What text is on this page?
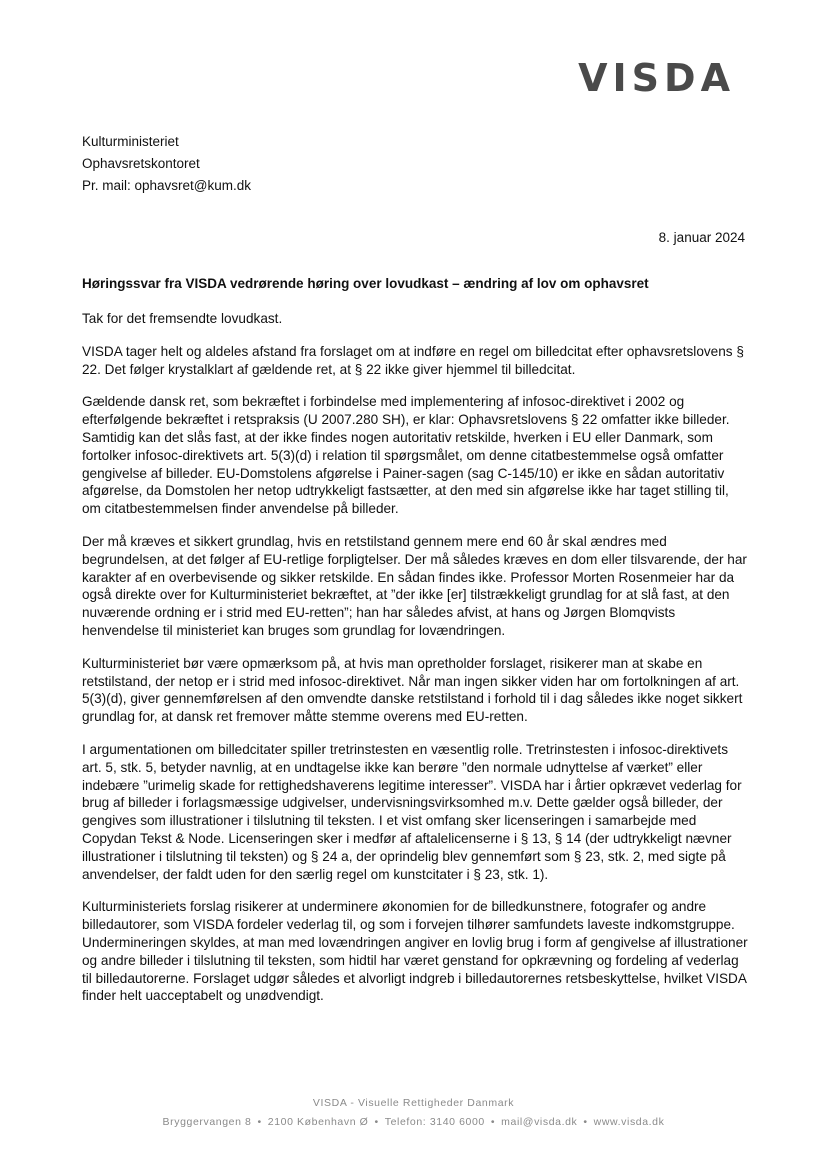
VISDA
Kulturministeriet
Ophavsretskontoret
Pr. mail: ophavsret@kum.dk
8. januar 2024
Høringssvar fra VISDA vedrørende høring over lovudkast – ændring af lov om ophavsret

Tak for det fremsendte lovudkast.

VISDA tager helt og aldeles afstand fra forslaget om at indføre en regel om billedcitat efter ophavsretslovens § 22. Det følger krystalklart af gældende ret, at § 22 ikke giver hjemmel til billedcitat.

Gældende dansk ret, som bekræftet i forbindelse med implementering af infosoc-direktivet i 2002 og efterfølgende bekræftet i retspraksis (U 2007.280 SH), er klar: Ophavsretslovens § 22 omfatter ikke billeder. Samtidig kan det slås fast, at der ikke findes nogen autoritativ retskilde, hverken i EU eller Danmark, som fortolker infosoc-direktivets art. 5(3)(d) i relation til spørgsmålet, om denne citatbestemmelse også omfatter gengivelse af billeder. EU-Domstolens afgørelse i Painer-sagen (sag C-145/10) er ikke en sådan autoritativ afgørelse, da Domstolen her netop udtrykkeligt fastsætter, at den med sin afgørelse ikke har taget stilling til, om citatbestemmelsen finder anvendelse på billeder.

Der må kræves et sikkert grundlag, hvis en retstilstand gennem mere end 60 år skal ændres med begrundelsen, at det følger af EU-retlige forpligtelser. Der må således kræves en dom eller tilsvarende, der har karakter af en overbevisende og sikker retskilde. En sådan findes ikke. Professor Morten Rosenmeier har da også direkte over for Kulturministeriet bekræftet, at ”der ikke [er] tilstrækkeligt grundlag for at slå fast, at den nuværende ordning er i strid med EU-retten”; han har således afvist, at hans og Jørgen Blomqvists henvendelse til ministeriet kan bruges som grundlag for lovændringen.

Kulturministeriet bør være opmærksom på, at hvis man opretholder forslaget, risikerer man at skabe en retstilstand, der netop er i strid med infosoc-direktivet. Når man ingen sikker viden har om fortolkningen af art. 5(3)(d), giver gennemførelsen af den omvendte danske retstilstand i forhold til i dag således ikke noget sikkert grundlag for, at dansk ret fremover måtte stemme overens med EU-retten.

I argumentationen om billedcitater spiller tretrinstesten en væsentlig rolle. Tretrinstesten i infosoc-direktivets art. 5, stk. 5, betyder navnlig, at en undtagelse ikke kan berøre ”den normale udnyttelse af værket” eller indebære ”urimelig skade for rettighedshaverens legitime interesser”. VISDA har i årtier opkrævet vederlag for brug af billeder i forlagsmæssige udgivelser, undervisningsvirksomhed m.v. Dette gælder også billeder, der gengives som illustrationer i tilslutning til teksten. I et vist omfang sker licenseringen i samarbejde med Copydan Tekst & Node. Licenseringen sker i medfør af aftalelicenserne i § 13, § 14 (der udtrykkeligt nævner illustrationer i tilslutning til teksten) og § 24 a, der oprindelig blev gennemført som § 23, stk. 2, med sigte på anvendelser, der faldt uden for den særlig regel om kunstcitater i § 23, stk. 1).

Kulturministeriets forslag risikerer at underminere økonomien for de billedkunstnere, fotografer og andre billedautorer, som VISDA fordeler vederlag til, og som i forvejen tilhører samfundets laveste indkomstgruppe. Undermineringen skyldes, at man med lovændringen angiver en lovlig brug i form af gengivelse af illustrationer og andre billeder i tilslutning til teksten, som hidtil har været genstand for opkrævning og fordeling af vederlag til billedautorerne. Forslaget udgør således et alvorligt indgreb i billedautorernes retsbeskyttelse, hvilket VISDA finder helt uacceptabelt og unødvendigt.

VISDA - Visuelle Rettigheder Danmark
Bryggervangen 8 • 2100 København Ø • Telefon: 3140 6000 • mail@visda.dk • www.visda.dk
